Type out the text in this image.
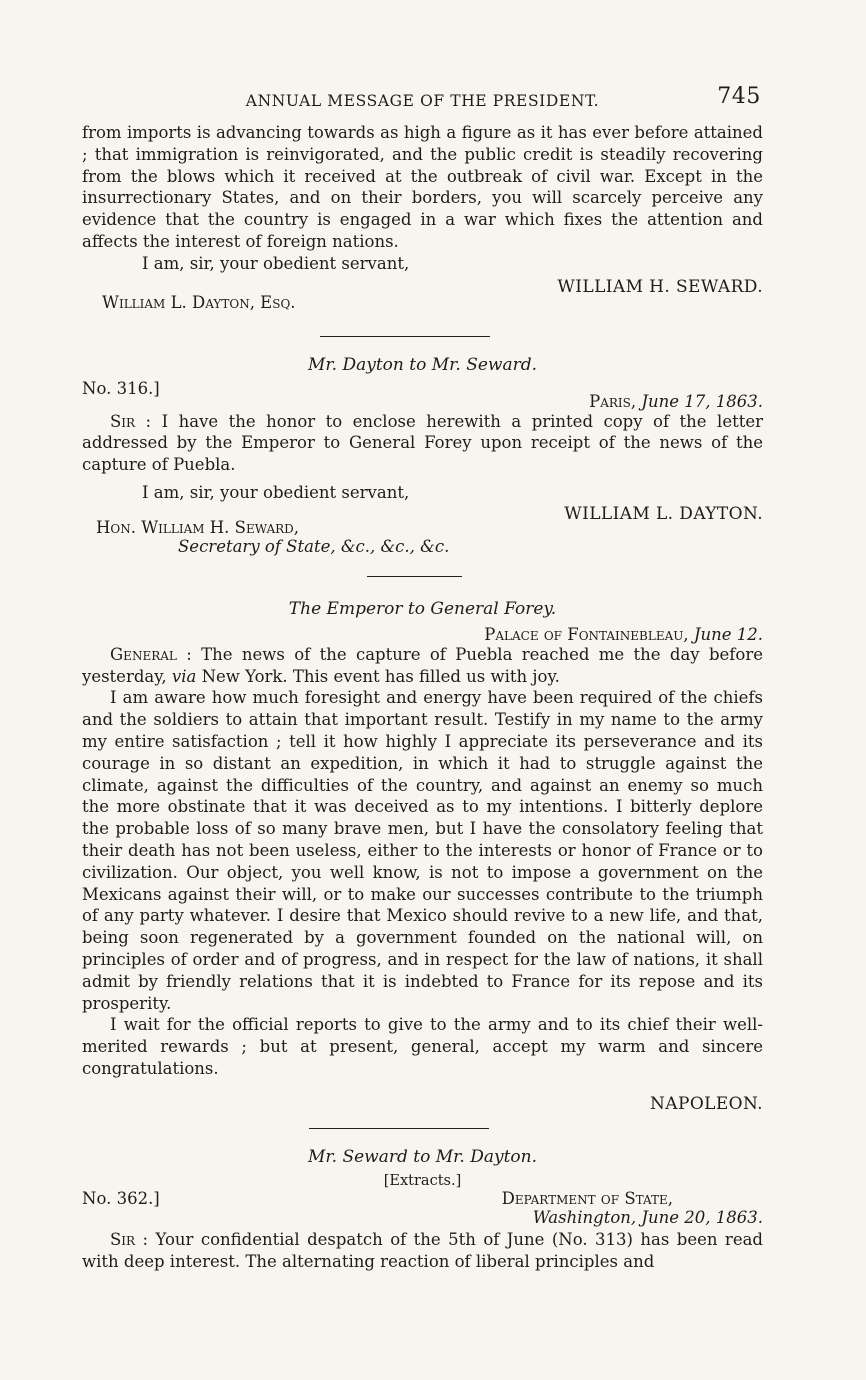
ANNUAL MESSAGE OF THE PRESIDENT.	745

from imports is advancing towards as high a figure as it has ever before attained ; that immigration is reinvigorated, and the public credit is steadily recovering from the blows which it received at the outbreak of civil war. Except in the insurrectionary States, and on their borders, you will scarcely perceive any evidence that the country is engaged in a war which fixes the attention and affects the interest of foreign nations.

I am, sir, your obedient servant,

WILLIAM H. SEWARD.
William L. Dayton, Esq.
Mr. Dayton to Mr. Seward.
No. 316.]
Paris, June 17, 1863.

Sir : I have the honor to enclose herewith a printed copy of the letter addressed by the Emperor to General Forey upon receipt of the news of the capture of Puebla.

I am, sir, your obedient servant,

WILLIAM L. DAYTON.
Hon. William H. Seward,
Secretary of State, &c., &c., &c.
The Emperor to General Forey.
Palace of Fontainebleau, June 12.

General : The news of the capture of Puebla reached me the day before yesterday, via New York. This event has filled us with joy.

I am aware how much foresight and energy have been required of the chiefs and the soldiers to attain that important result. Testify in my name to the army my entire satisfaction ; tell it how highly I appreciate its perseverance and its courage in so distant an expedition, in which it had to struggle against the climate, against the difficulties of the country, and against an enemy so much the more obstinate that it was deceived as to my intentions. I bitterly deplore the probable loss of so many brave men, but I have the consolatory feeling that their death has not been useless, either to the interests or honor of France or to civilization. Our object, you well know, is not to impose a government on the Mexicans against their will, or to make our successes contribute to the triumph of any party whatever. I desire that Mexico should revive to a new life, and that, being soon regenerated by a government founded on the national will, on principles of order and of progress, and in respect for the law of nations, it shall admit by friendly relations that it is indebted to France for its repose and its prosperity.

I wait for the official reports to give to the army and to its chief their well-merited rewards ; but at present, general, accept my warm and sincere congratulations.

NAPOLEON.
Mr. Seward to Mr. Dayton.
[Extracts.]
No. 362.]	Department of State,
Washington, June 20, 1863.

Sir : Your confidential despatch of the 5th of June (No. 313) has been read with deep interest. The alternating reaction of liberal principles and
